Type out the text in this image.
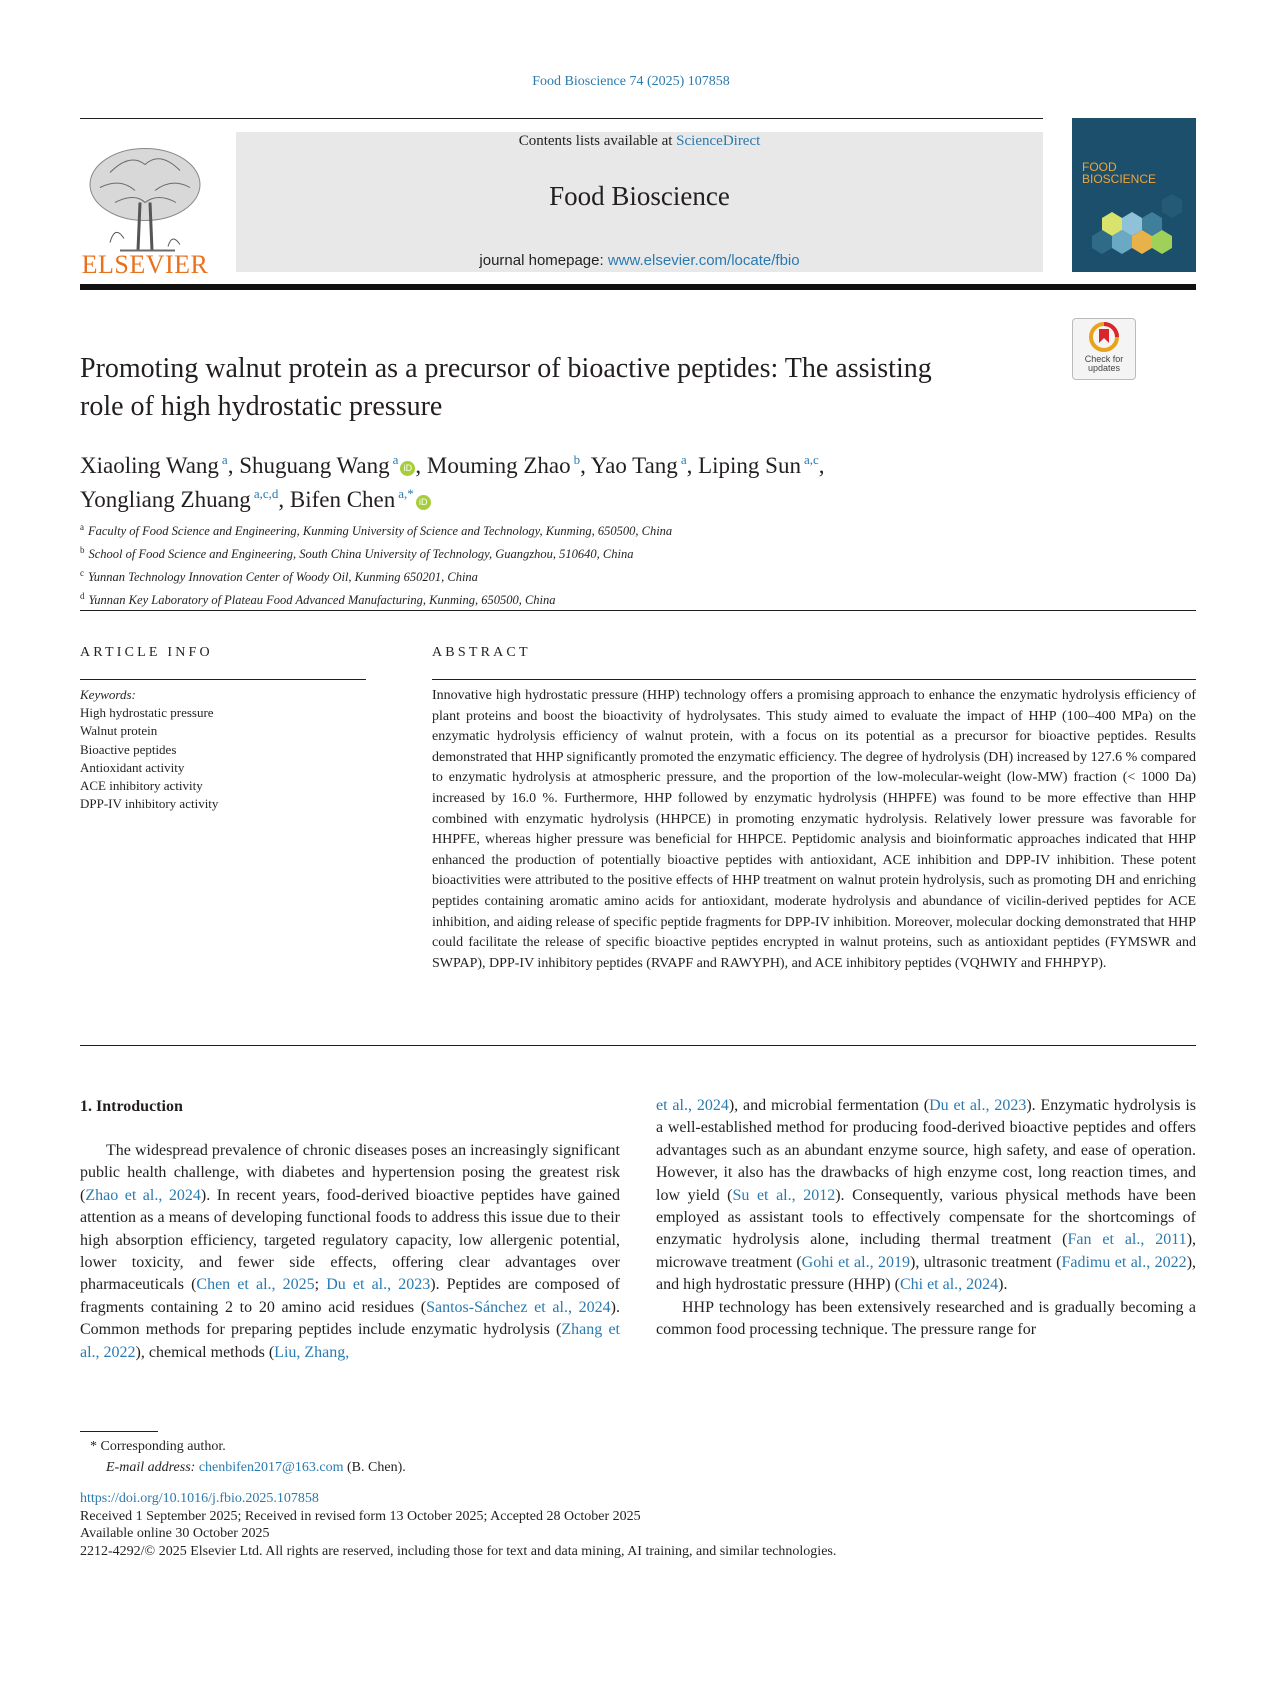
Food Bioscience 74 (2025) 107858
ELSEVIER
Contents lists available at ScienceDirect
Food Bioscience
journal homepage: www.elsevier.com/locate/fbio
FOOD
BIOSCIENCE
Check for
updates
Promoting walnut protein as a precursor of bioactive peptides: The assisting
role of high hydrostatic pressure
Xiaoling Wang $^a$, Shuguang Wang $^a$iD , Mouming Zhao $^b$, Yao Tang $^a$, Liping Sun $^{a,c}$,
Yongliang Zhuang $^{a,c,d}$, Bifen Chen $^{a,*}$iD
$^a$ Faculty of Food Science and Engineering, Kunming University of Science and Technology, Kunming, 650500, China
$^b$ School of Food Science and Engineering, South China University of Technology, Guangzhou, 510640, China
$^c$ Yunnan Technology Innovation Center of Woody Oil, Kunming 650201, China
$^d$ Yunnan Key Laboratory of Plateau Food Advanced Manufacturing, Kunming, 650500, China
ARTICLE INFO
Keywords:
High hydrostatic pressure
Walnut protein
Bioactive peptides
Antioxidant activity
ACE inhibitory activity
DPP-IV inhibitory activity
ABSTRACT
Innovative high hydrostatic pressure (HHP) technology offers a promising approach to enhance the enzymatic hydrolysis efficiency of plant proteins and boost the bioactivity of hydrolysates. This study aimed to evaluate the impact of HHP (100–400 MPa) on the enzymatic hydrolysis efficiency of walnut protein, with a focus on its potential as a precursor for bioactive peptides. Results demonstrated that HHP significantly promoted the enzymatic efficiency. The degree of hydrolysis (DH) increased by 127.6 % compared to enzymatic hydrolysis at atmospheric pressure, and the proportion of the low-molecular-weight (low-MW) fraction (< 1000 Da) increased by 16.0 %. Furthermore, HHP followed by enzymatic hydrolysis (HHPFE) was found to be more effective than HHP combined with enzymatic hydrolysis (HHPCE) in promoting enzymatic hydrolysis. Relatively lower pressure was favorable for HHPFE, whereas higher pressure was beneficial for HHPCE. Peptidomic analysis and bioinformatic approaches indicated that HHP enhanced the production of potentially bioactive peptides with antioxidant, ACE inhibition and DPP-IV inhibition. These potent bioactivities were attributed to the positive effects of HHP treatment on walnut protein hydrolysis, such as promoting DH and enriching peptides containing aromatic amino acids for antioxidant, moderate hydrolysis and abundance of vicilin-derived peptides for ACE inhibition, and aiding release of specific peptide fragments for DPP-IV inhibition. Moreover, molecular docking demonstrated that HHP could facilitate the release of specific bioactive peptides encrypted in walnut proteins, such as antioxidant peptides (FYMSWR and SWPAP), DPP-IV inhibitory peptides (RVAPF and RAWYPH), and ACE inhibitory peptides (VQHWIY and FHHPYP).
1. Introduction

The widespread prevalence of chronic diseases poses an increasingly significant public health challenge, with diabetes and hypertension posing the greatest risk (Zhao et al., 2024). In recent years, food-derived bioactive peptides have gained attention as a means of developing functional foods to address this issue due to their high absorption efficiency, targeted regulatory capacity, low allergenic potential, lower toxicity, and fewer side effects, offering clear advantages over pharmaceuticals (Chen et al., 2025; Du et al., 2023). Peptides are composed of fragments containing 2 to 20 amino acid residues (Santos-Sánchez et al., 2024). Common methods for preparing peptides include enzymatic hydrolysis (Zhang et al., 2022), chemical methods (Liu, Zhang,

et al., 2024), and microbial fermentation (Du et al., 2023). Enzymatic hydrolysis is a well-established method for producing food-derived bioactive peptides and offers advantages such as an abundant enzyme source, high safety, and ease of operation. However, it also has the drawbacks of high enzyme cost, long reaction times, and low yield (Su et al., 2012). Consequently, various physical methods have been employed as assistant tools to effectively compensate for the shortcomings of enzymatic hydrolysis alone, including thermal treatment (Fan et al., 2011), microwave treatment (Gohi et al., 2019), ultrasonic treatment (Fadimu et al., 2022), and high hydrostatic pressure (HHP) (Chi et al., 2024).

HHP technology has been extensively researched and is gradually becoming a common food processing technique. The pressure range for

* Corresponding author.
E-mail address: chenbifen2017@163.com (B. Chen).
https://doi.org/10.1016/j.fbio.2025.107858
Received 1 September 2025; Received in revised form 13 October 2025; Accepted 28 October 2025
Available online 30 October 2025
2212-4292/© 2025 Elsevier Ltd. All rights are reserved, including those for text and data mining, AI training, and similar technologies.
